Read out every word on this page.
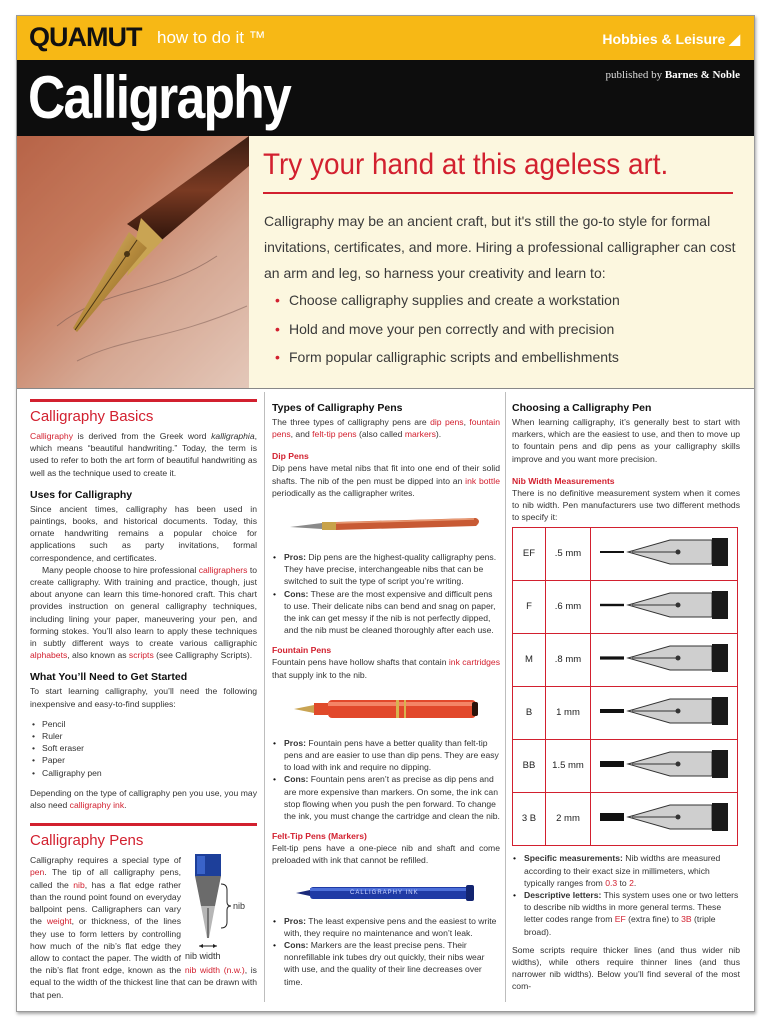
QUAMUT how to do it ™	Hobbies & Leisure ◢
Calligraphy	published by Barnes & Noble
Try your hand at this ageless art.
Calligraphy may be an ancient craft, but it's still the go-to style for formal invitations, certificates, and more. Hiring a professional calligrapher can cost an arm and leg, so harness your creativity and learn to:
• Choose calligraphy supplies and create a workstation
• Hold and move your pen correctly and with precision
• Form popular calligraphic scripts and embellishments
Calligraphy Basics

Calligraphy is derived from the Greek word kalligraphia, which means “beautiful handwriting.” Today, the term is used to refer to both the art form of beautiful handwriting as well as the technique used to create it.

Uses for Calligraphy

Since ancient times, calligraphy has been used in paintings, books, and historical documents. Today, this ornate handwriting remains a popular choice for applications such as party invitations, formal correspondence, and certificates.

Many people choose to hire professional calligraphers to create calligraphy. With training and practice, though, just about anyone can learn this time-honored craft. This chart provides instruction on general calligraphy techniques, including lining your paper, maneuvering your pen, and forming stokes. You’ll also learn to apply these techniques in subtly different ways to create various calligraphic alphabets, also known as scripts (see Calligraphy Scripts).

What You’ll Need to Get Started

To start learning calligraphy, you’ll need the following inexpensive and easy-to-find supplies:

• Pencil
• Ruler
• Soft eraser
• Paper
• Calligraphy pen

Depending on the type of calligraphy pen you use, you may also need calligraphy ink.

Calligraphy Pens
nib
nib width

Calligraphy requires a special type of pen. The tip of all calligraphy pens, called the nib, has a flat edge rather than the round point found on everyday ballpoint pens. Calligraphers can vary the weight, or thickness, of the lines they use to form letters by controlling how much of the nib’s flat edge they allow to contact the paper. The width of the nib’s flat front edge, known as the nib width (n.w.), is equal to the width of the thickest line that can be drawn with that pen.

Types of Calligraphy Pens

The three types of calligraphy pens are dip pens, fountain pens, and felt-tip pens (also called markers).

Dip Pens

Dip pens have metal nibs that fit into one end of their solid shafts. The nib of the pen must be dipped into an ink bottle periodically as the calligrapher writes.

• Pros: Dip pens are the highest-quality calligraphy pens. They have precise, interchangeable nibs that can be switched to suit the type of script you’re writing.
• Cons: These are the most expensive and difficult pens to use. Their delicate nibs can bend and snag on paper, the ink can get messy if the nib is not perfectly dipped, and the nib must be cleaned thoroughly after each use.
Fountain Pens

Fountain pens have hollow shafts that contain ink cartridges that supply ink to the nib.

• Pros: Fountain pens have a better quality than felt-tip pens and are easier to use than dip pens. They are easy to load with ink and require no dipping.
• Cons: Fountain pens aren’t as precise as dip pens and are more expensive than markers. On some, the ink can stop flowing when you push the pen forward. To change the ink, you must change the cartridge and clean the nib.
Felt-Tip Pens (Markers)

Felt-tip pens have a one-piece nib and shaft and come preloaded with ink that cannot be refilled.

CALLIGRAPHY INK
• Pros: The least expensive pens and the easiest to write with, they require no maintenance and won’t leak.
• Cons: Markers are the least precise pens. Their nonrefillable ink tubes dry out quickly, their nibs wear with use, and the quality of their line decreases over time.
Choosing a Calligraphy Pen

When learning calligraphy, it’s generally best to start with markers, which are the easiest to use, and then to move up to fountain pens and dip pens as your calligraphy skills improve and you want more precision.

Nib Width Measurements

There is no definitive measurement system when it comes to nib width. Pen manufacturers use two different methods to specify it:

EF	.5 mm	
F	.6 mm	
M	.8 mm	
B	1 mm	
BB	1.5 mm	
3 B	2 mm	
• Specific measurements: Nib widths are measured according to their exact size in millimeters, which typically ranges from 0.3 to 2.
• Descriptive letters: This system uses one or two letters to describe nib widths in more general terms. These letter codes range from EF (extra fine) to 3B (triple broad).

Some scripts require thicker lines (and thus wider nib widths), while others require thinner lines (and thus narrower nib widths). Below you’ll find several of the most com-
